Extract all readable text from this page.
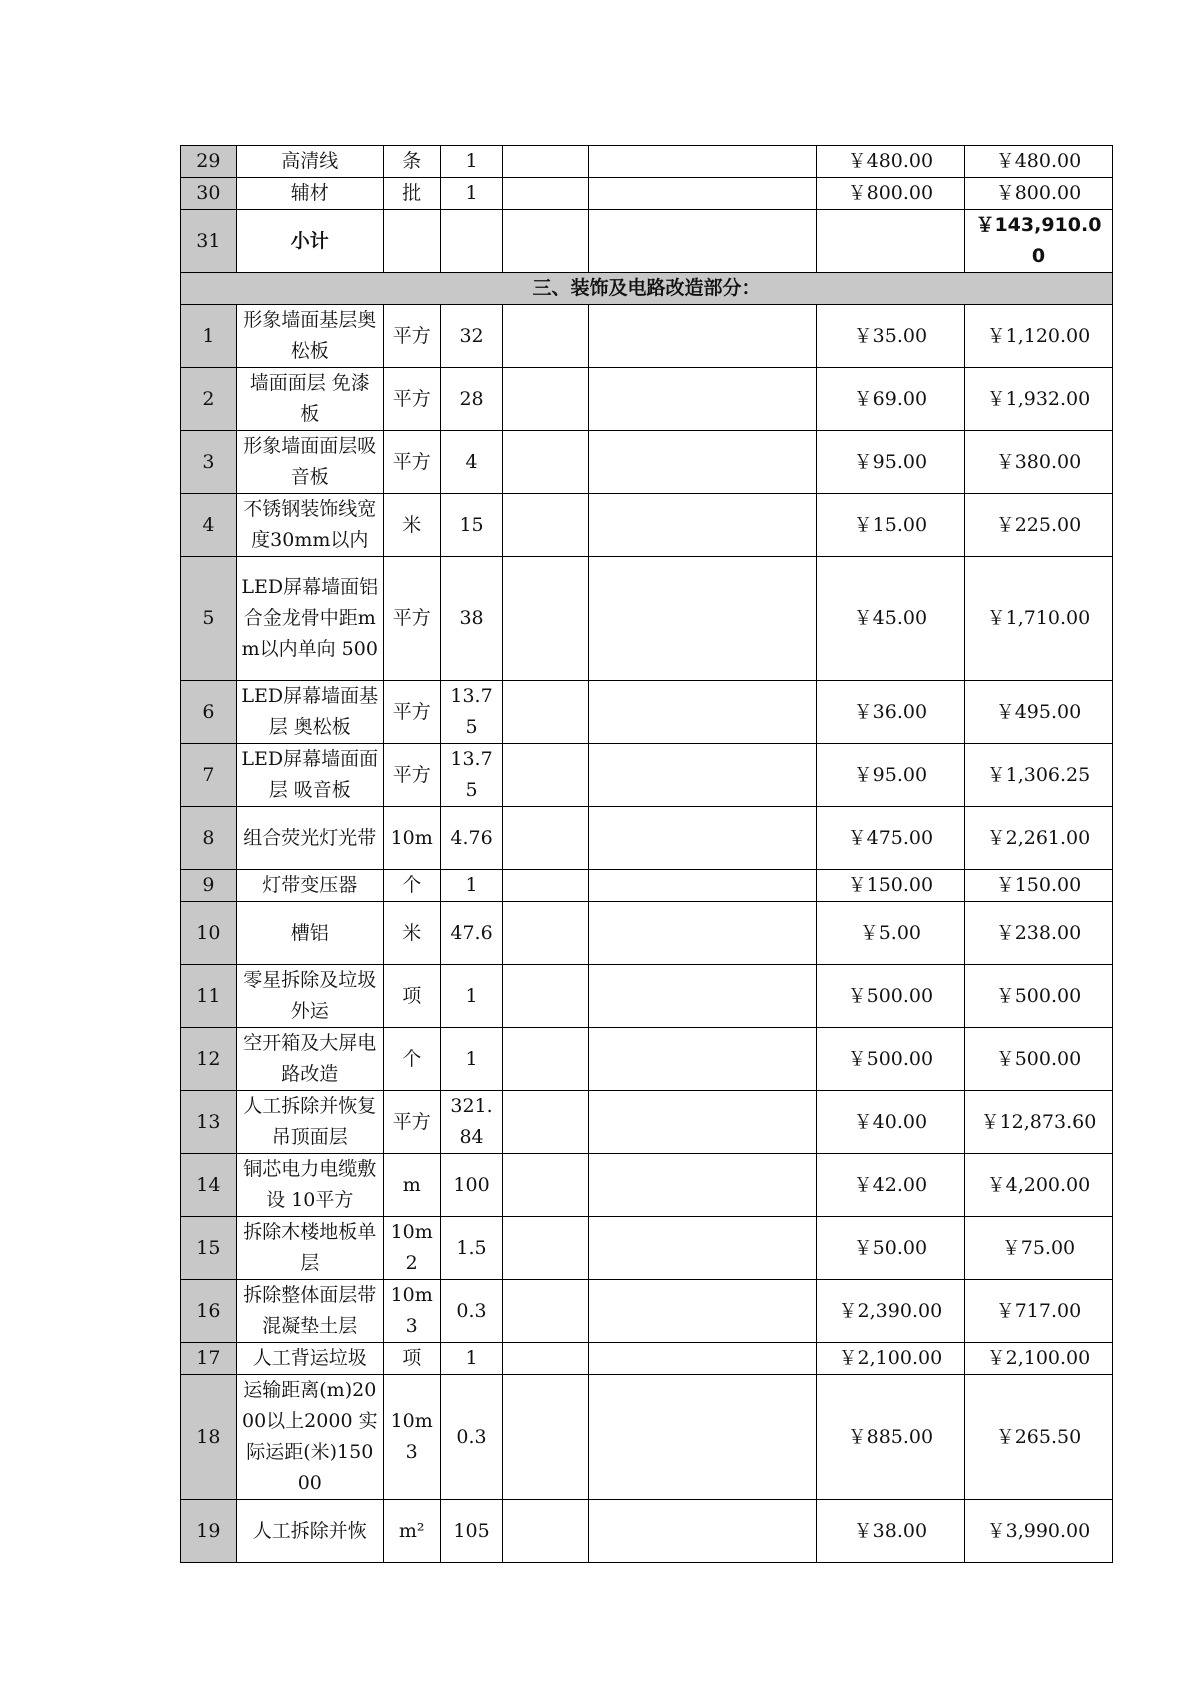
29	高清线	条	1			￥480.00	￥480.00
30	辅材	批	1			￥800.00	￥800.00
31	小计						￥143,910.00
三、装饰及电路改造部分：							
1	形象墙面基层奥松板	平方	32			￥35.00	￥1,120.00
2	墙面面层 免漆板	平方	28			￥69.00	￥1,932.00
3	形象墙面面层吸音板	平方	4			￥95.00	￥380.00
4	不锈钢装饰线宽度30mm以内	米	15			￥15.00	￥225.00
5	LED屏幕墙面铝合金龙骨中距mm以内单向 500	平方	38			￥45.00	￥1,710.00
6	LED屏幕墙面基层 奥松板	平方	13.75			￥36.00	￥495.00
7	LED屏幕墙面面层 吸音板	平方	13.75			￥95.00	￥1,306.25
8	组合荧光灯光带	10m	4.76			￥475.00	￥2,261.00
9	灯带变压器	个	1			￥150.00	￥150.00
10	槽铝	米	47.6			￥5.00	￥238.00
11	零星拆除及垃圾外运	项	1			￥500.00	￥500.00
12	空开箱及大屏电路改造	个	1			￥500.00	￥500.00
13	人工拆除并恢复吊顶面层	平方	321.84			￥40.00	￥12,873.60
14	铜芯电力电缆敷设 10平方	m	100			￥42.00	￥4,200.00
15	拆除木楼地板单层	10m2	1.5			￥50.00	￥75.00
16	拆除整体面层带混凝垫土层	10m3	0.3			￥2,390.00	￥717.00
17	人工背运垃圾	项	1			￥2,100.00	￥2,100.00
18	运输距离(m)2000以上2000 实际运距(米)15000	10m3	0.3			￥885.00	￥265.50
19	人工拆除并恢	m²	105			￥38.00	￥3,990.00
